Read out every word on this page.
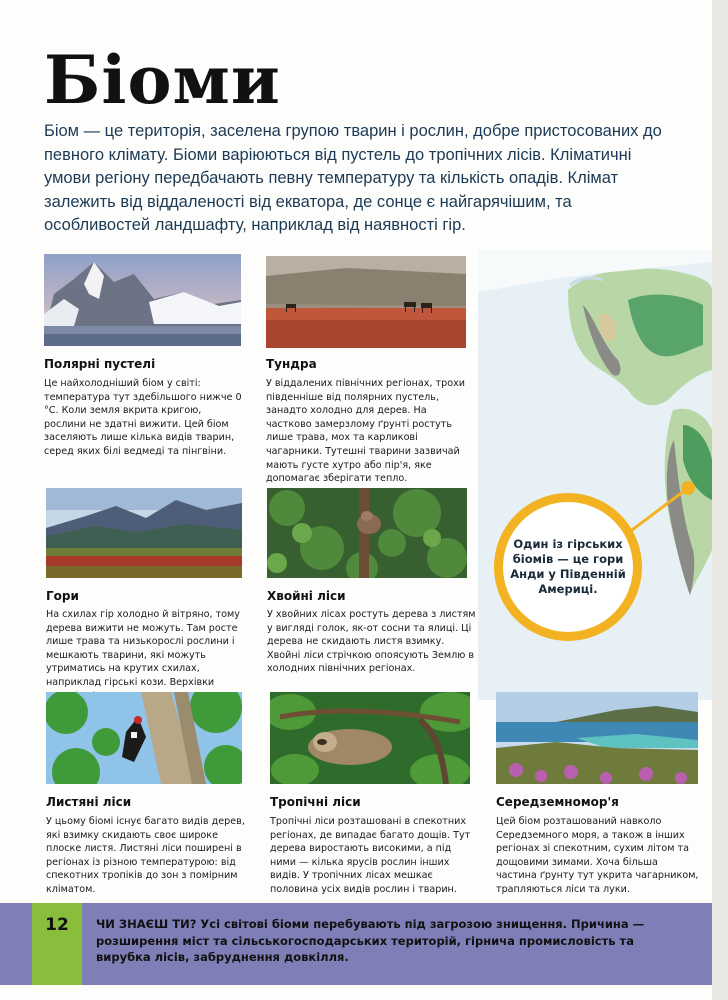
Біоми

Біом — це територія, заселена групою тварин і рослин, добре пристосованих до певного клімату. Біоми варіюються від пустель до тропічних лісів. Кліматичні умови регіону передбачають певну температуру та кількість опадів. Клімат залежить від віддаленості від екватора, де сонце є найгарячішим, та особливостей ландшафту, наприклад від наявності гір.

Один із гірських біомів — це гори Анди у Південній Америці.

Полярні пустелі

Це найхолодніший біом у світі: температура тут здебільшого нижче 0 °С. Коли земля вкрита кригою, рослини не здатні вижити. Цей біом заселяють лише кілька видів тварин, серед яких білі ведмеді та пінгвіни.

Тундра

У віддалених північних регіонах, трохи південніше від полярних пустель, занадто холодно для дерев. На частково замерзлому ґрунті ростуть лише трава, мох та карликові чагарники. Тутешні тварини зазвичай мають густе хутро або пір'я, яке допомагає зберігати тепло.

Гори

На схилах гір холодно й вітряно, тому дерева вижити не можуть. Там росте лише трава та низькорослі рослини і мешкають тварини, які можуть утриматись на крутих схилах, наприклад гірські кози. Верхівки

Хвойні ліси

У хвойних лісах ростуть дерева з листям у вигляді голок, як-от сосни та ялиці. Ці дерева не скидають листя взимку. Хвойні ліси стрічкою опоясують Землю в холодних північних регіонах.

Листяні ліси

У цьому біомі існує багато видів дерев, які взимку скидають своє широке плоске листя. Листяні ліси поширені в регіонах із різною температурою: від спекотних тропіків до зон з помірним кліматом.

Тропічні ліси

Тропічні ліси розташовані в спекотних регіонах, де випадає багато дощів. Тут дерева виростають високими, а під ними — кілька ярусів рослин інших видів. У тропічних лісах мешкає половина усіх видів рослин і тварин.

Середземномор'я

Цей біом розташований навколо Середземного моря, а також в інших регіонах зі спекотним, сухим літом та дощовими зимами. Хоча більша частина ґрунту тут укрита чагарником, трапляються ліси та луки.

12 ЧИ ЗНАЄШ ТИ? Усі світові біоми перебувають під загрозою знищення. Причина — розширення міст та сільськогосподарських територій, гірнича промисловість та вирубка лісів, забруднення довкілля.
